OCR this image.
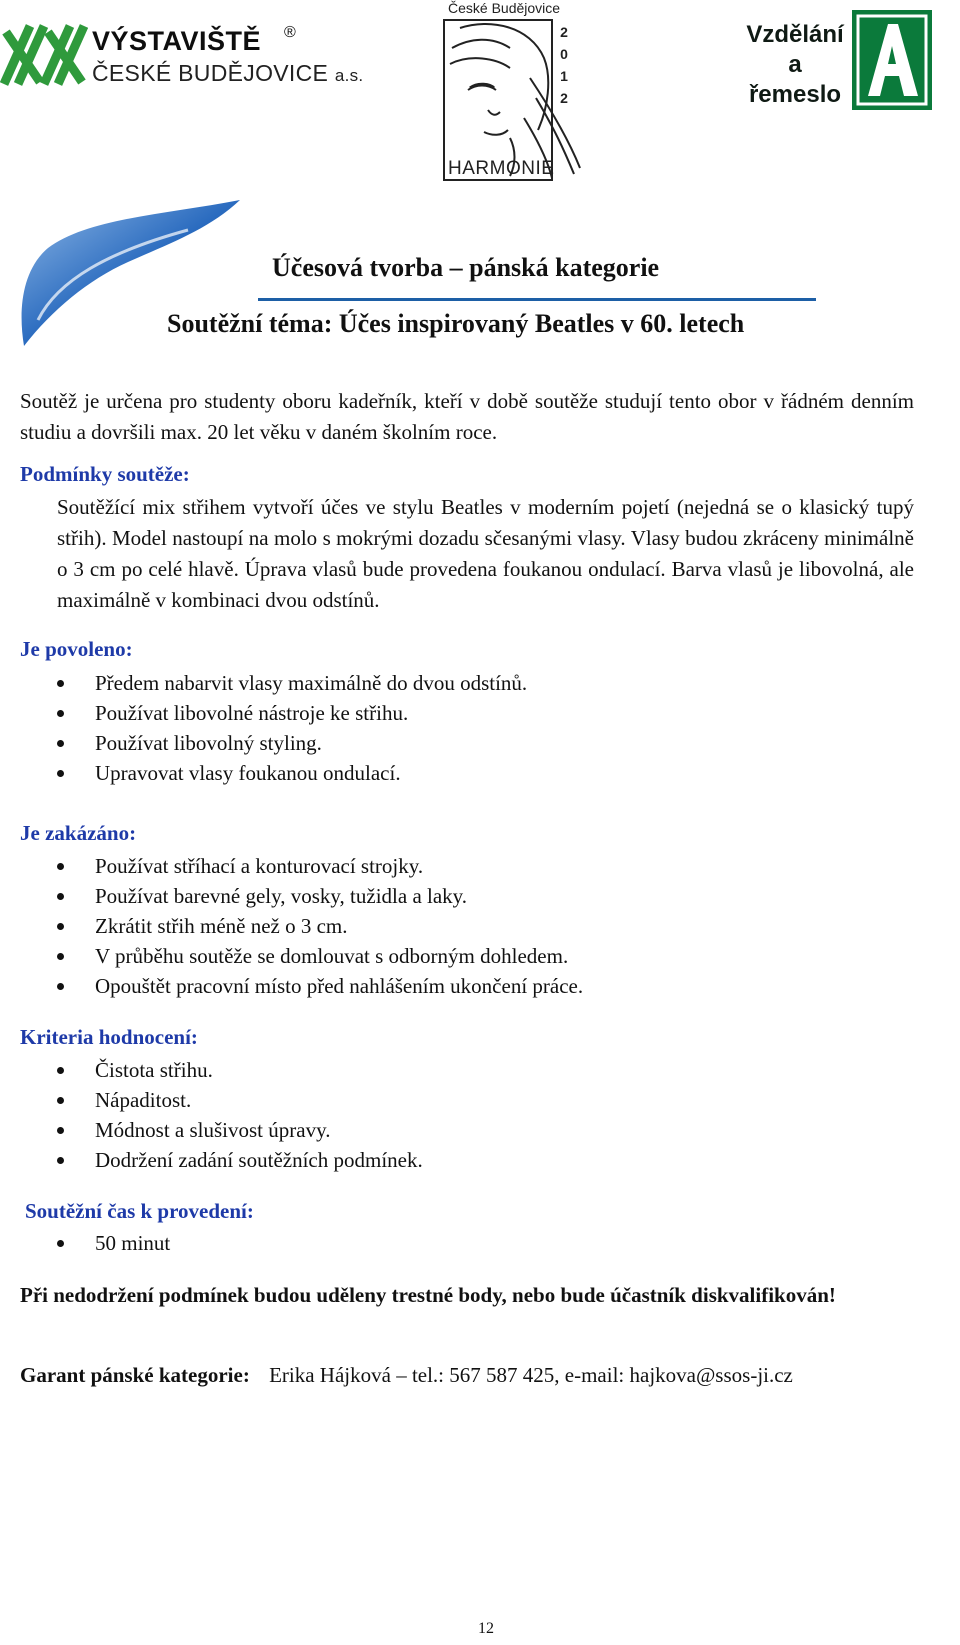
VÝSTAVIŠTĚ ®
ČESKÉ BUDĚJOVICE a.s.
České Budějovice
2
0
1
2
HARMONIE
Vzdělání
a
řemeslo
Účesová tvorba – pánská kategorie
Soutěžní téma: Účes inspirovaný Beatles v 60. letech

Soutěž je určena pro studenty oboru kadeřník, kteří v době soutěže studují tento obor v řádném denním studiu a dovršili max. 20 let věku v daném školním roce.

Podmínky soutěže:

Soutěžící mix střihem vytvoří účes ve stylu Beatles v moderním pojetí (nejedná se o klasický tupý střih). Model nastoupí na molo s mokrými dozadu sčesanými vlasy. Vlasy budou zkráceny minimálně o 3 cm po celé hlavě. Úprava vlasů bude provedena foukanou ondulací. Barva vlasů je libovolná, ale maximálně v kombinaci dvou odstínů.

Je povoleno:
Předem nabarvit vlasy maximálně do dvou odstínů.
Používat libovolné nástroje ke střihu.
Používat libovolný styling.
Upravovat vlasy foukanou ondulací.
Je zakázáno:
Používat stříhací a konturovací strojky.
Používat barevné gely, vosky, tužidla a laky.
Zkrátit střih méně než o 3 cm.
V průběhu soutěže se domlouvat s odborným dohledem.
Opouštět pracovní místo před nahlášením ukončení práce.
Kriteria hodnocení:
Čistota střihu.
Nápaditost.
Módnost a slušivost úpravy.
Dodržení zadání soutěžních podmínek.
Soutěžní čas k provedení:
50 minut

Při nedodržení podmínek budou uděleny trestné body, nebo bude účastník diskvalifikován!

Garant pánské kategorie: Erika Hájková – tel.: 567 587 425, e-mail: hajkova@ssos-ji.cz
12
